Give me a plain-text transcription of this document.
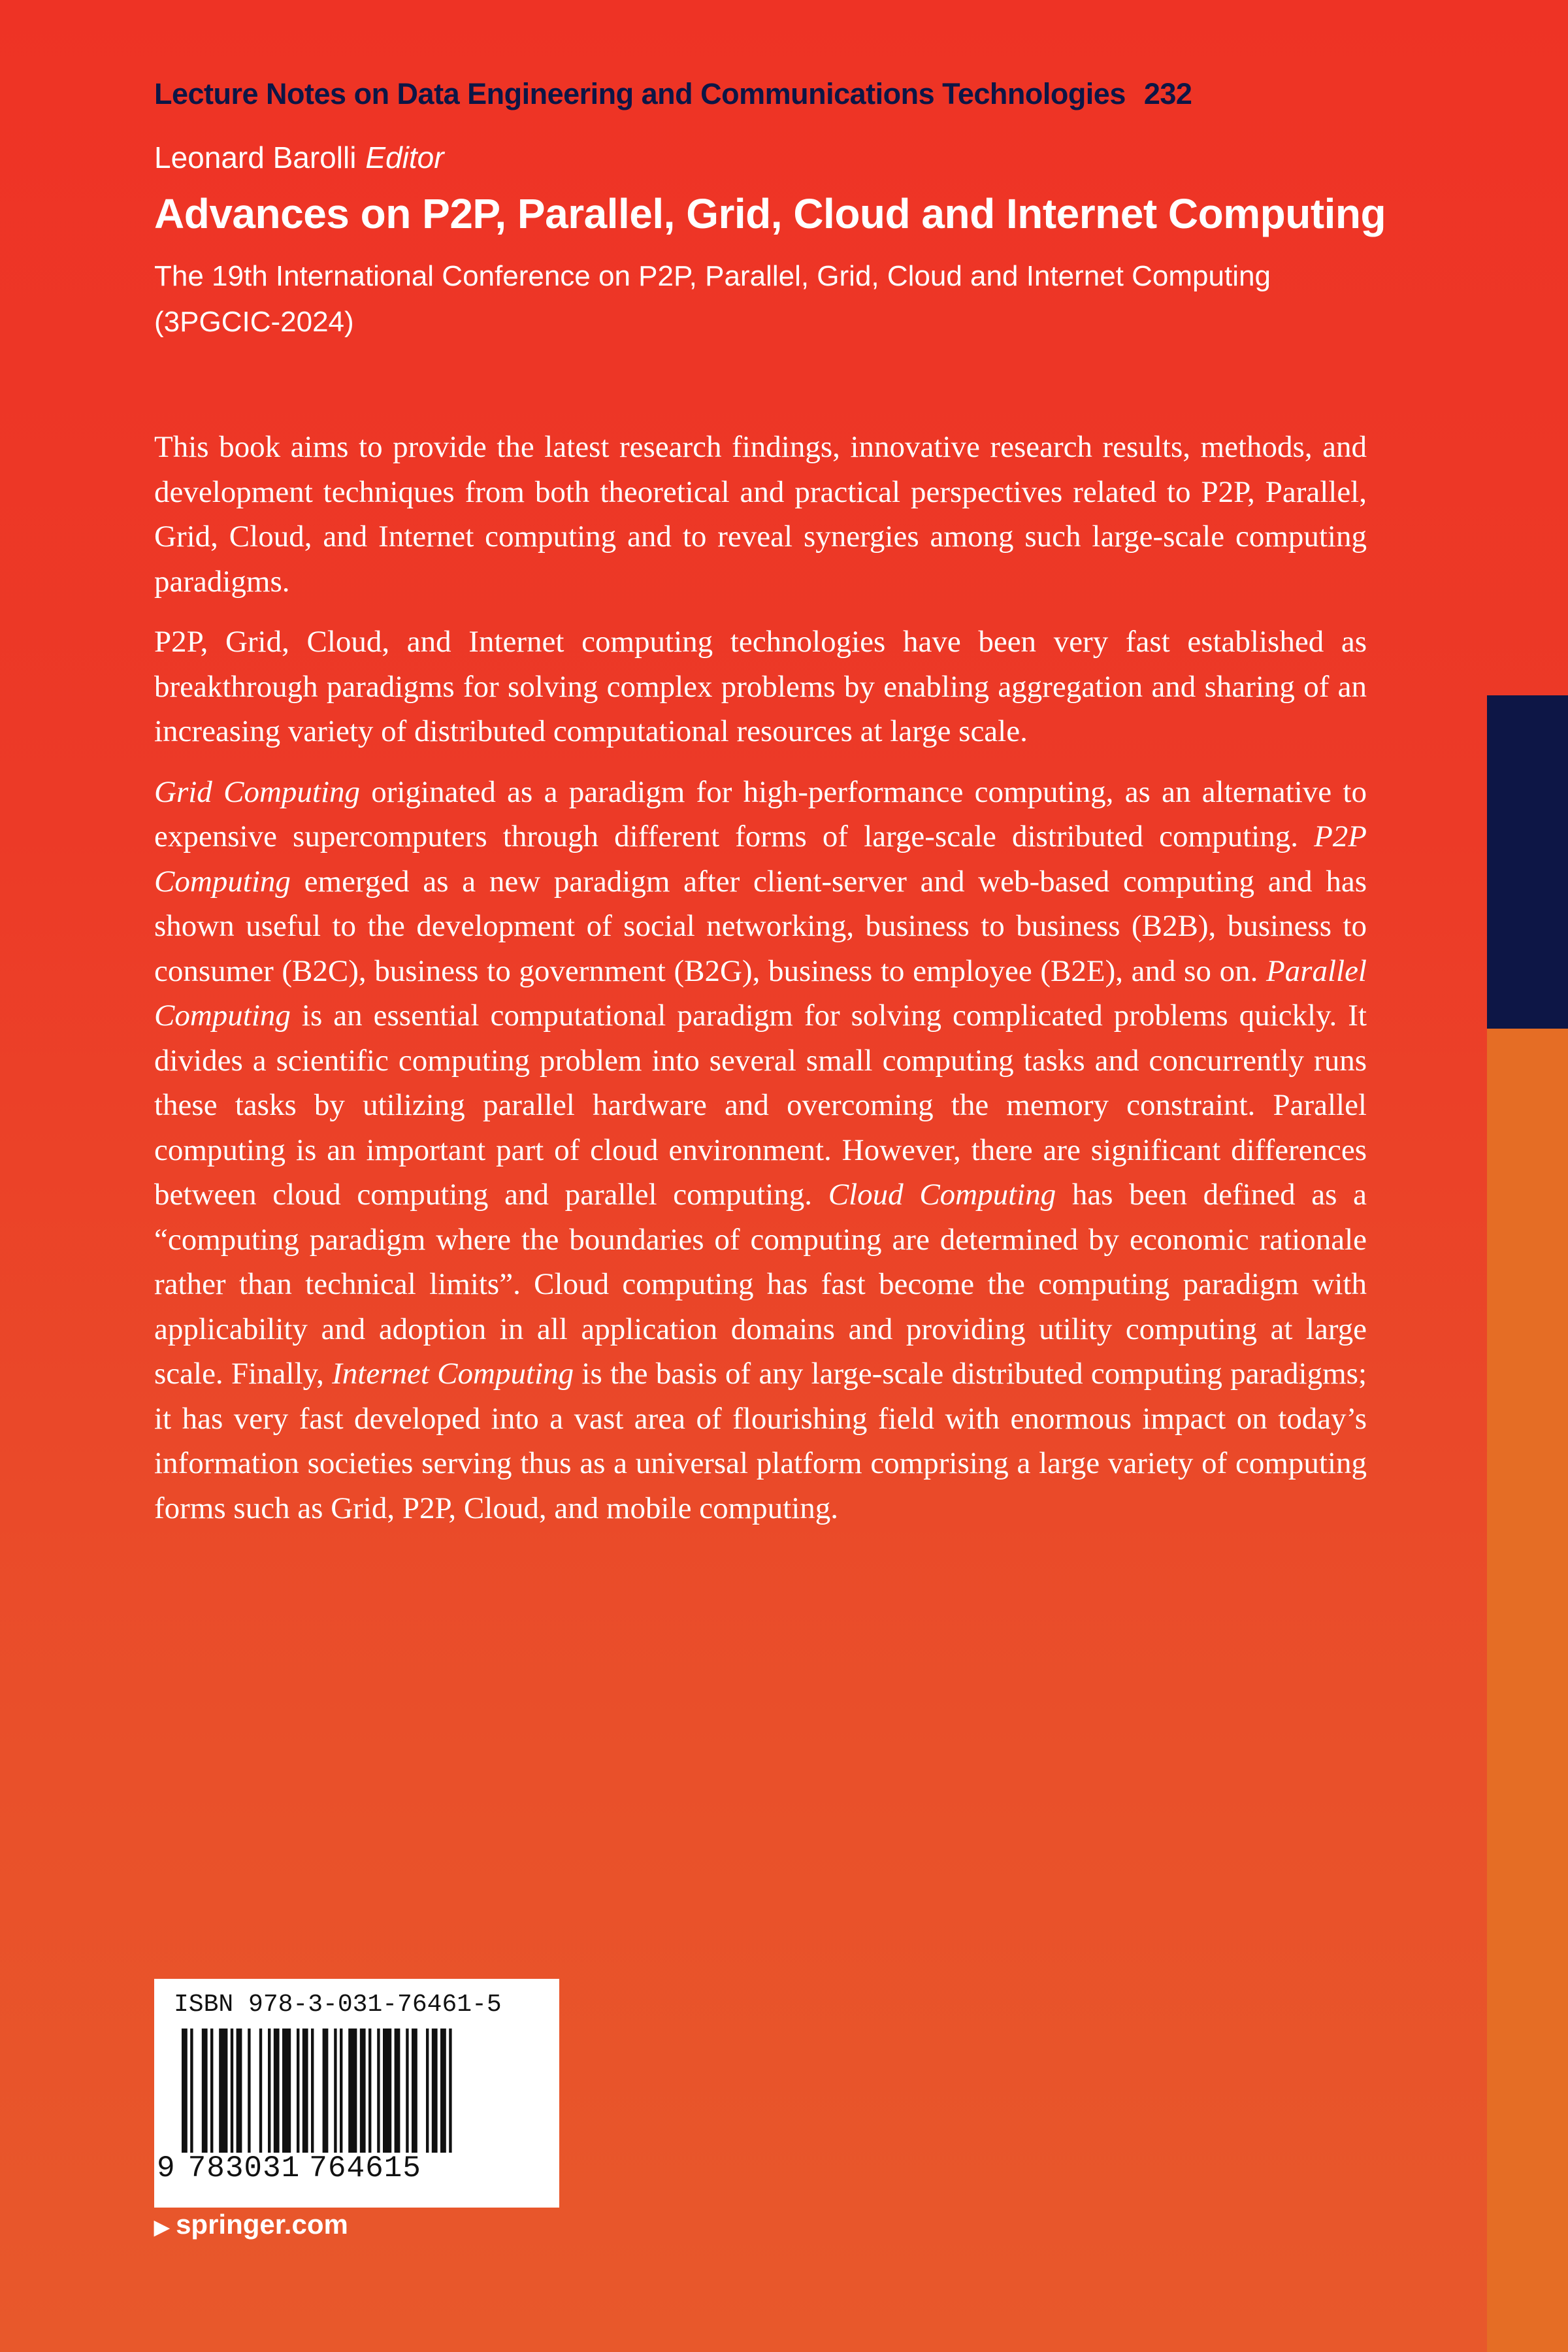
Lecture Notes on Data Engineering and Communications Technologies 232
Leonard Barolli Editor
Advances on P2P, Parallel, Grid, Cloud and Internet Computing
The 19th International Conference on P2P, Parallel, Grid, Cloud and Internet Computing (3PGCIC-2024)

This book aims to provide the latest research findings, innovative research results, methods, and development techniques from both theoretical and practical perspectives related to P2P, Parallel, Grid, Cloud, and Internet computing and to reveal synergies among such large-scale computing paradigms.

P2P, Grid, Cloud, and Internet computing technologies have been very fast established as breakthrough paradigms for solving complex problems by enabling aggregation and sharing of an increasing variety of distributed computational resources at large scale.

Grid Computing originated as a paradigm for high-performance computing, as an alternative to expensive supercomputers through different forms of large-scale distributed computing. P2P Computing emerged as a new paradigm after client-server and web-based computing and has shown useful to the development of social networking, business to business (B2B), business to consumer (B2C), business to government (B2G), business to employee (B2E), and so on. Parallel Computing is an essential computational paradigm for solving complicated problems quickly. It divides a scientific computing problem into several small computing tasks and concurrently runs these tasks by utilizing parallel hardware and overcoming the memory constraint. Parallel computing is an important part of cloud environment. However, there are significant differences between cloud computing and parallel computing. Cloud Computing has been defined as a “computing paradigm where the boundaries of computing are determined by economic rationale rather than technical limits”. Cloud computing has fast become the computing paradigm with applicability and adoption in all application domains and providing utility computing at large scale. Finally, Internet Computing is the basis of any large-scale distributed computing paradigms; it has very fast developed into a vast area of flourishing field with enormous impact on today’s information societies serving thus as a universal platform comprising a large variety of computing forms such as Grid, P2P, Cloud, and mobile computing.

ISBN 978-3-031-76461-5
9 783031 764615
▶ springer.com
